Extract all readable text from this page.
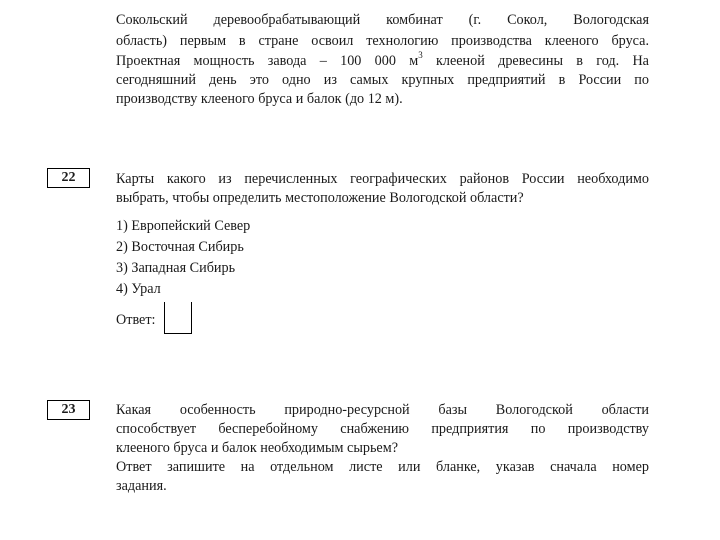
Сокольский деревообрабатывающий комбинат (г. Сокол, Вологодская
область) первым в стране освоил технологию производства клееного бруса.
Проектная мощность завода – 100 000 $м^3$ клееной древесины в год. На
сегодняшний день это одно из самых крупных предприятий в России по
производству клееного бруса и балок (до 12 м).
22	Карты какого из перечисленных географических районов России необходимо
выбрать, чтобы определить местоположение Вологодской области?
1) Европейский Север
2) Восточная Сибирь
3) Западная Сибирь
4) Урал
Ответ:
23	Какая особенность природно-ресурсной базы Вологодской области
способствует бесперебойному снабжению предприятия по производству
клееного бруса и балок необходимым сырьем?
Ответ запишите на отдельном листе или бланке, указав сначала номер
задания.
